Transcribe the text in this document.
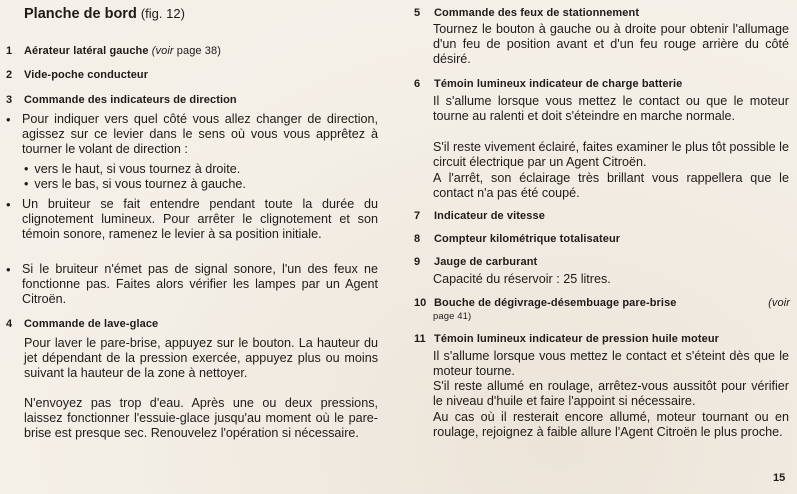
Planche de bord (fig. 12)
1 Aérateur latéral gauche (voir page 38)
2 Vide-poche conducteur
3 Commande des indicateurs de direction
• Pour indiquer vers quel côté vous allez changer de direction, agissez sur ce levier dans le sens où vous vous apprêtez à tourner le volant de direction :

• vers le haut, si vous tournez à droite.
• vers le bas, si vous tournez à gauche.
• Un bruiteur se fait entendre pendant toute la durée du clignotement lumineux. Pour arrêter le clignotement et son témoin sonore, ramenez le levier à sa position initiale.

• Si le bruiteur n'émet pas de signal sonore, l'un des feux ne fonctionne pas. Faites alors vérifier les lampes par un Agent Citroën.

4 Commande de lave-glace

Pour laver le pare-brise, appuyez sur le bouton. La hauteur du jet dépendant de la pression exercée, appuyez plus ou moins suivant la hauteur de la zone à nettoyer.

N'envoyez pas trop d'eau. Après une ou deux pressions, laissez fonctionner l'essuie-glace jusqu'au moment où le pare-brise est presque sec. Renouvelez l'opération si nécessaire.

5 Commande des feux de stationnement

Tournez le bouton à gauche ou à droite pour obtenir l'allumage d'un feu de position avant et d'un feu rouge arrière du côté désiré.

6 Témoin lumineux indicateur de charge batterie

Il s'allume lorsque vous mettez le contact ou que le moteur tourne au ralenti et doit s'éteindre en marche normale.

S'il reste vivement éclairé, faites examiner le plus tôt possible le circuit électrique par un Agent Citroën.

A l'arrêt, son éclairage très brillant vous rappellera que le contact n'a pas été coupé.

7 Indicateur de vitesse
8 Compteur kilométrique totalisateur
9 Jauge de carburant

Capacité du réservoir : 25 litres.

10 Bouche de dégivrage-désembuage pare-brise	(voir
page 41)
11 Témoin lumineux indicateur de pression huile moteur

Il s'allume lorsque vous mettez le contact et s'éteint dès que le moteur tourne.

S'il reste allumé en roulage, arrêtez-vous aussitôt pour vérifier le niveau d'huile et faire l'appoint si nécessaire.

Au cas où il resterait encore allumé, moteur tournant ou en roulage, rejoignez à faible allure l'Agent Citroën le plus proche.

15
